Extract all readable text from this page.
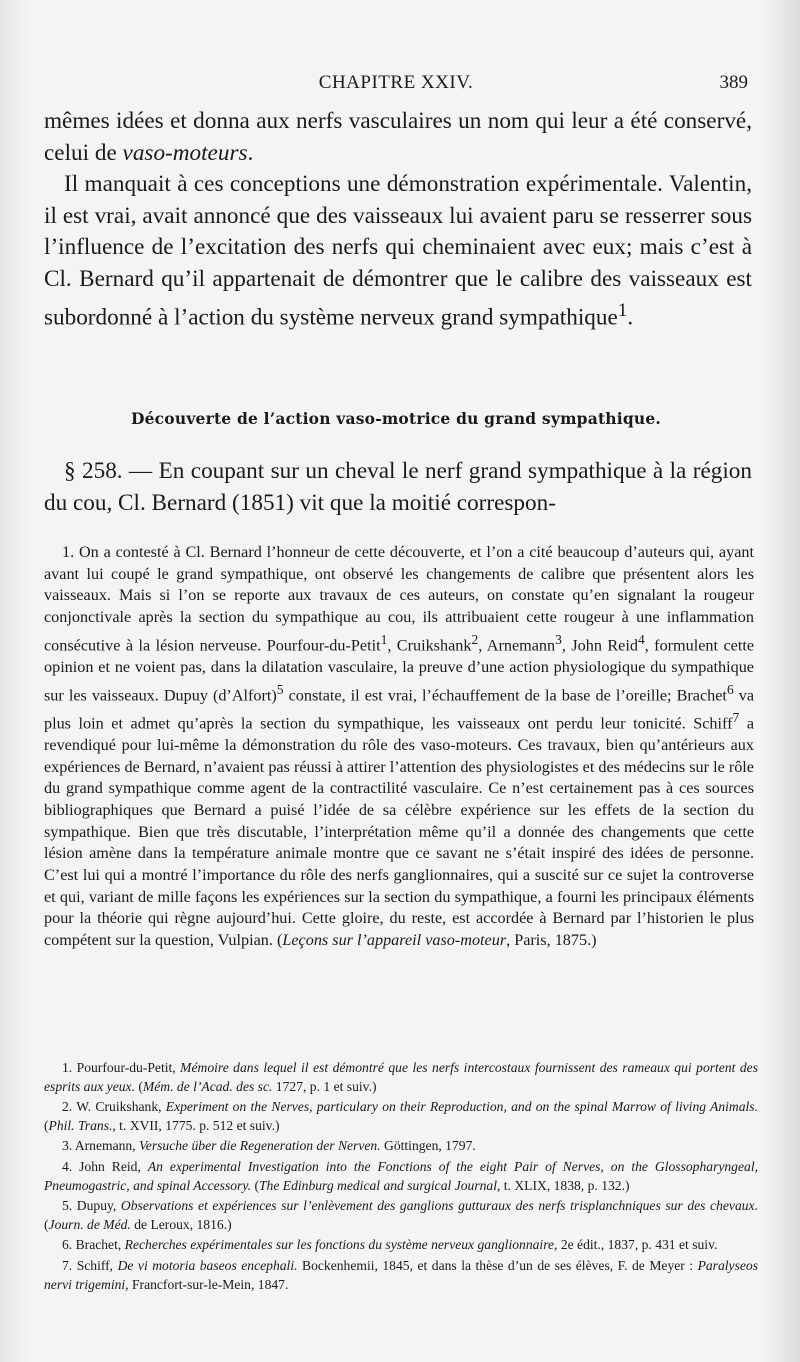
CHAPITRE XXIV.	389

mêmes idées et donna aux nerfs vasculaires un nom qui leur a été conservé, celui de vaso-moteurs.

Il manquait à ces conceptions une démonstration expérimentale. Valentin, il est vrai, avait annoncé que des vaisseaux lui avaient paru se resserrer sous l’influence de l’excitation des nerfs qui cheminaient avec eux; mais c’est à Cl. Bernard qu’il appartenait de démontrer que le calibre des vaisseaux est subordonné à l’action du système nerveux grand sympathique$^1$.

Découverte de l’action vaso-motrice du grand sympathique.

§ 258. — En coupant sur un cheval le nerf grand sympathique à la région du cou, Cl. Bernard (1851) vit que la moitié correspon-

1. On a contesté à Cl. Bernard l’honneur de cette découverte, et l’on a cité beaucoup d’auteurs qui, ayant avant lui coupé le grand sympathique, ont observé les changements de calibre que présentent alors les vaisseaux. Mais si l’on se reporte aux travaux de ces auteurs, on constate qu’en signalant la rougeur conjonctivale après la section du sympathique au cou, ils attribuaient cette rougeur à une inflammation consécutive à la lésion nerveuse. Pourfour-du-Petit$^1$, Cruikshank$^2$, Arnemann$^3$, John Reid$^4$, formulent cette opinion et ne voient pas, dans la dilatation vasculaire, la preuve d’une action physiologique du sympathique sur les vaisseaux. Dupuy (d’Alfort)$^5$ constate, il est vrai, l’échauffement de la base de l’oreille; Brachet$^6$ va plus loin et admet qu’après la section du sympathique, les vaisseaux ont perdu leur tonicité. Schiff$^7$ a revendiqué pour lui-même la démonstration du rôle des vaso-moteurs. Ces travaux, bien qu’antérieurs aux expériences de Bernard, n’avaient pas réussi à attirer l’attention des physiologistes et des médecins sur le rôle du grand sympathique comme agent de la contractilité vasculaire. Ce n’est certainement pas à ces sources bibliographiques que Bernard a puisé l’idée de sa célèbre expérience sur les effets de la section du sympathique. Bien que très discutable, l’interprétation même qu’il a donnée des changements que cette lésion amène dans la température animale montre que ce savant ne s’était inspiré des idées de personne. C’est lui qui a montré l’importance du rôle des nerfs ganglionnaires, qui a suscité sur ce sujet la controverse et qui, variant de mille façons les expériences sur la section du sympathique, a fourni les principaux éléments pour la théorie qui règne aujourd’hui. Cette gloire, du reste, est accordée à Bernard par l’historien le plus compétent sur la question, Vulpian. (Leçons sur l’appareil vaso-moteur, Paris, 1875.)

1. Pourfour-du-Petit, Mémoire dans lequel il est démontré que les nerfs intercostaux fournissent des rameaux qui portent des esprits aux yeux. (Mém. de l’Acad. des sc. 1727, p. 1 et suiv.)

2. W. Cruikshank, Experiment on the Nerves, particulary on their Reproduction, and on the spinal Marrow of living Animals. (Phil. Trans., t. XVII, 1775. p. 512 et suiv.)

3. Arnemann, Versuche über die Regeneration der Nerven. Göttingen, 1797.

4. John Reid, An experimental Investigation into the Fonctions of the eight Pair of Nerves, on the Glossopharyngeal, Pneumogastric, and spinal Accessory. (The Edinburg medical and surgical Journal, t. XLIX, 1838, p. 132.)

5. Dupuy, Observations et expériences sur l’enlèvement des ganglions gutturaux des nerfs trisplanchniques sur des chevaux. (Journ. de Méd. de Leroux, 1816.)

6. Brachet, Recherches expérimentales sur les fonctions du système nerveux ganglionnaire, 2e édit., 1837, p. 431 et suiv.

7. Schiff, De vi motoria baseos encephali. Bockenhemii, 1845, et dans la thèse d’un de ses élèves, F. de Meyer : Paralyseos nervi trigemini, Francfort-sur-le-Mein, 1847.
